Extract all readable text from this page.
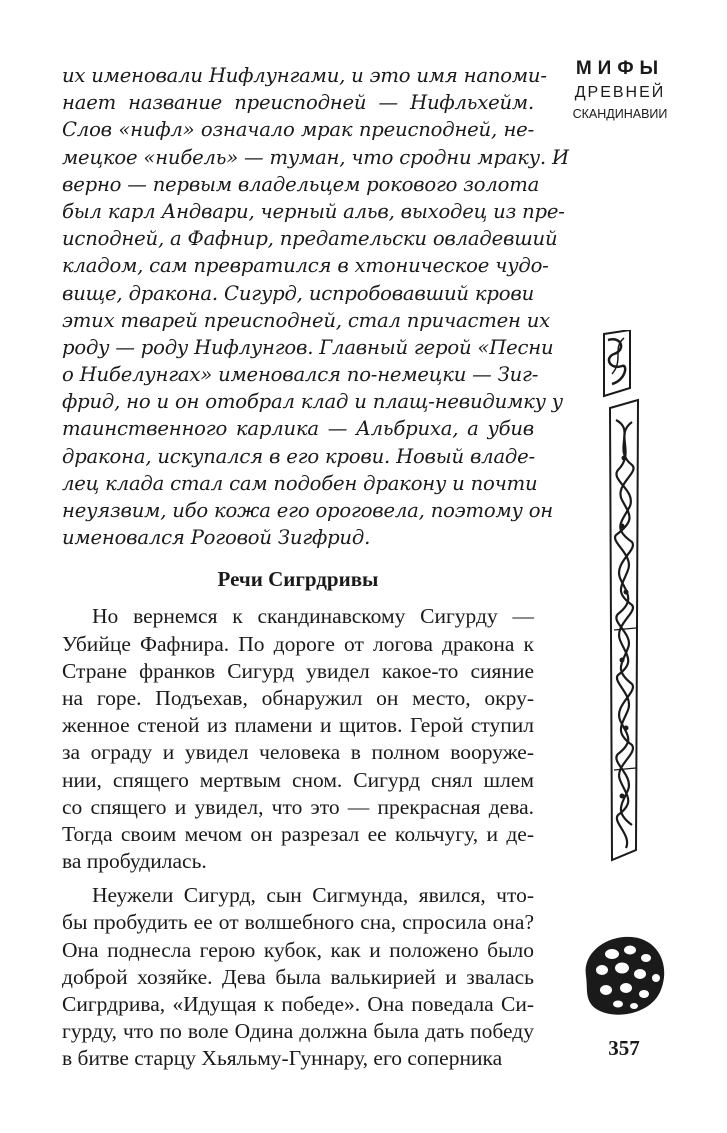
их именовали Нифлунгами, и это имя напоми-
нает название преисподней — Нифльхейм.
Слов «нифл» означало мрак преисподней, не-
мецкое «нибель» — туман, что сродни мраку. И
верно — первым владельцем рокового золота
был карл Андвари, черный альв, выходец из пре-
исподней, а Фафнир, предательски овладевший
кладом, сам превратился в хтоническое чудо-
вище, дракона. Сигурд, испробовавший крови
этих тварей преисподней, стал причастен их
роду — роду Нифлунгов. Главный герой «Песни
о Нибелунгах» именовался по-немецки — Зиг-
фрид, но и он отобрал клад и плащ-невидимку у
таинственного карлика — Альбриха, а убив
дракона, искупался в его крови. Новый владе-
лец клада стал сам подобен дракону и почти
неуязвим, ибо кожа его ороговела, поэтому он
именовался Роговой Зигфрид.
Речи Сигрдривы
Но вернемся к скандинавскому Сигурду —
Убийце Фафнира. По дороге от логова дракона к
Стране франков Сигурд увидел какое-то сияние
на горе. Подъехав, обнаружил он место, окру-
женное стеной из пламени и щитов. Герой ступил
за ограду и увидел человека в полном вооруже-
нии, спящего мертвым сном. Сигурд снял шлем
со спящего и увидел, что это — прекрасная дева.
Тогда своим мечом он разрезал ее кольчугу, и де-
ва пробудилась.
Неужели Сигурд, сын Сигмунда, явился, что-
бы пробудить ее от волшебного сна, спросила она?
Она поднесла герою кубок, как и положено было
доброй хозяйке. Дева была валькирией и звалась
Сигрдрива, «Идущая к победе». Она поведала Си-
гурду, что по воле Одина должна была дать победу
в битве старцу Хьяльму-Гуннару, его соперника
МИФЫ
ДРЕВНЕЙ
СКАНДИНАВИИ
357
